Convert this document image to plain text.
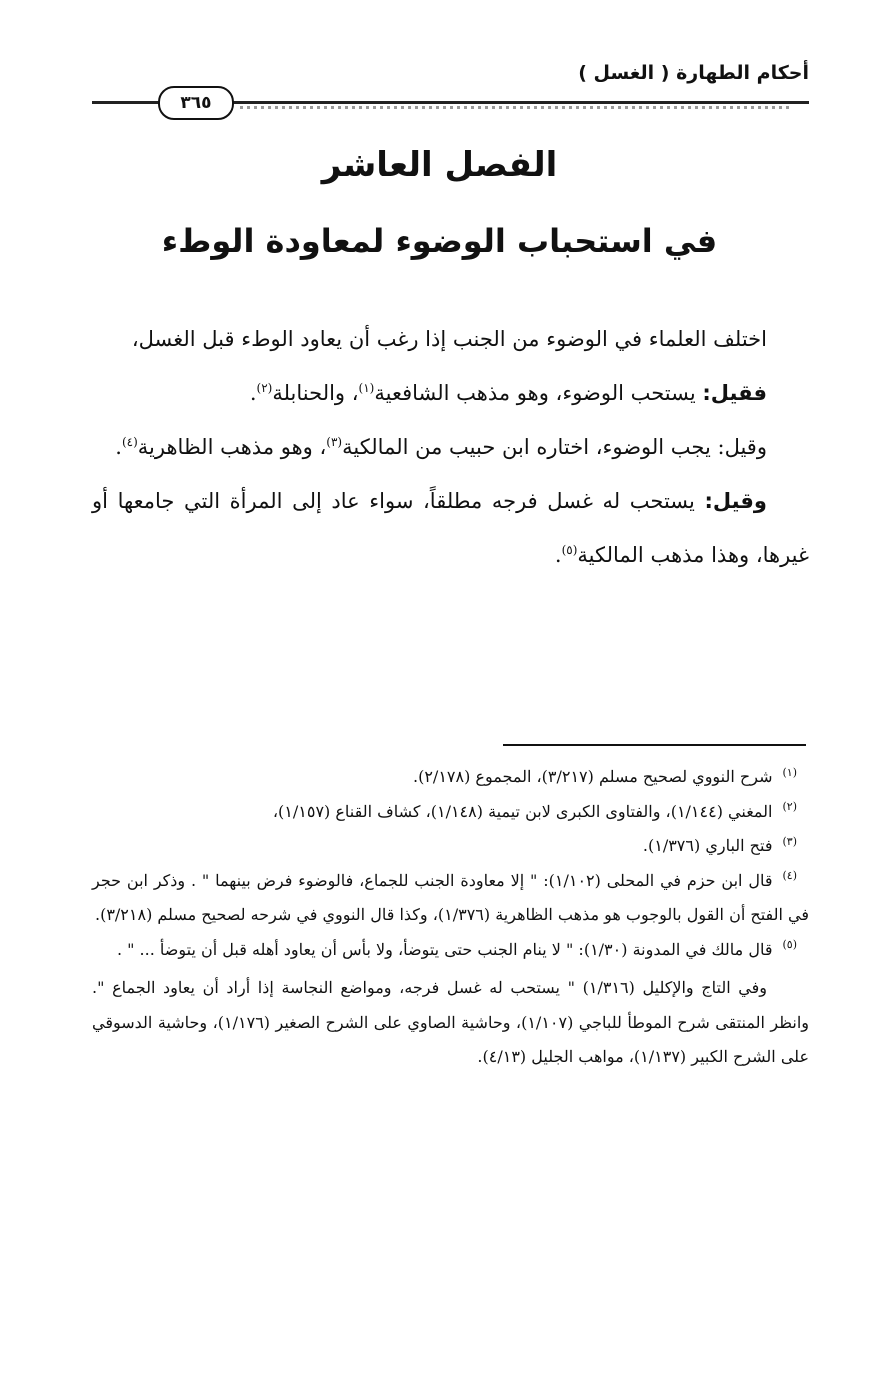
أحكام الطهارة ( الغسل )
٣٦٥
الفصل العاشر
في استحباب الوضوء لمعاودة الوطء

اختلف العلماء في الوضوء من الجنب إذا رغب أن يعاود الوطء قبل الغسل،

فقيل: يستحب الوضوء، وهو مذهب الشافعية$^{(١)}$، والحنابلة$^{(٢)}$.

وقيل: يجب الوضوء، اختاره ابن حبيب من المالكية$^{(٣)}$، وهو مذهب الظاهرية$^{(٤)}$.

وقيل: يستحب له غسل فرجه مطلقاً، سواء عاد إلى المرأة التي جامعها أو غيرها، وهذا مذهب المالكية$^{(٥)}$.

$^{(١)}$شرح النووي لصحيح مسلم (٣/٢١٧)، المجموع (٢/١٧٨).

$^{(٢)}$المغني (١/١٤٤)، والفتاوى الكبرى لابن تيمية (١/١٤٨)، كشاف القناع (١/١٥٧)،

$^{(٣)}$فتح الباري (١/٣٧٦).

$^{(٤)}$قال ابن حزم في المحلى (١/١٠٢): " إلا معاودة الجنب للجماع، فالوضوء فرض بينهما " . وذكر ابن حجر في الفتح أن القول بالوجوب هو مذهب الظاهرية (١/٣٧٦)، وكذا قال النووي في شرحه لصحيح مسلم (٣/٢١٨).

$^{(٥)}$قال مالك في المدونة (١/٣٠): " لا ينام الجنب حتى يتوضأ، ولا بأس أن يعاود أهله قبل أن يتوضأ ... " .

وفي التاج والإكليل (١/٣١٦) " يستحب له غسل فرجه، ومواضع النجاسة إذا أراد أن يعاود الجماع ". وانظر المنتقى شرح الموطأ للباجي (١/١٠٧)، وحاشية الصاوي على الشرح الصغير (١/١٧٦)، وحاشية الدسوقي على الشرح الكبير (١/١٣٧)، مواهب الجليل (٤/١٣).
